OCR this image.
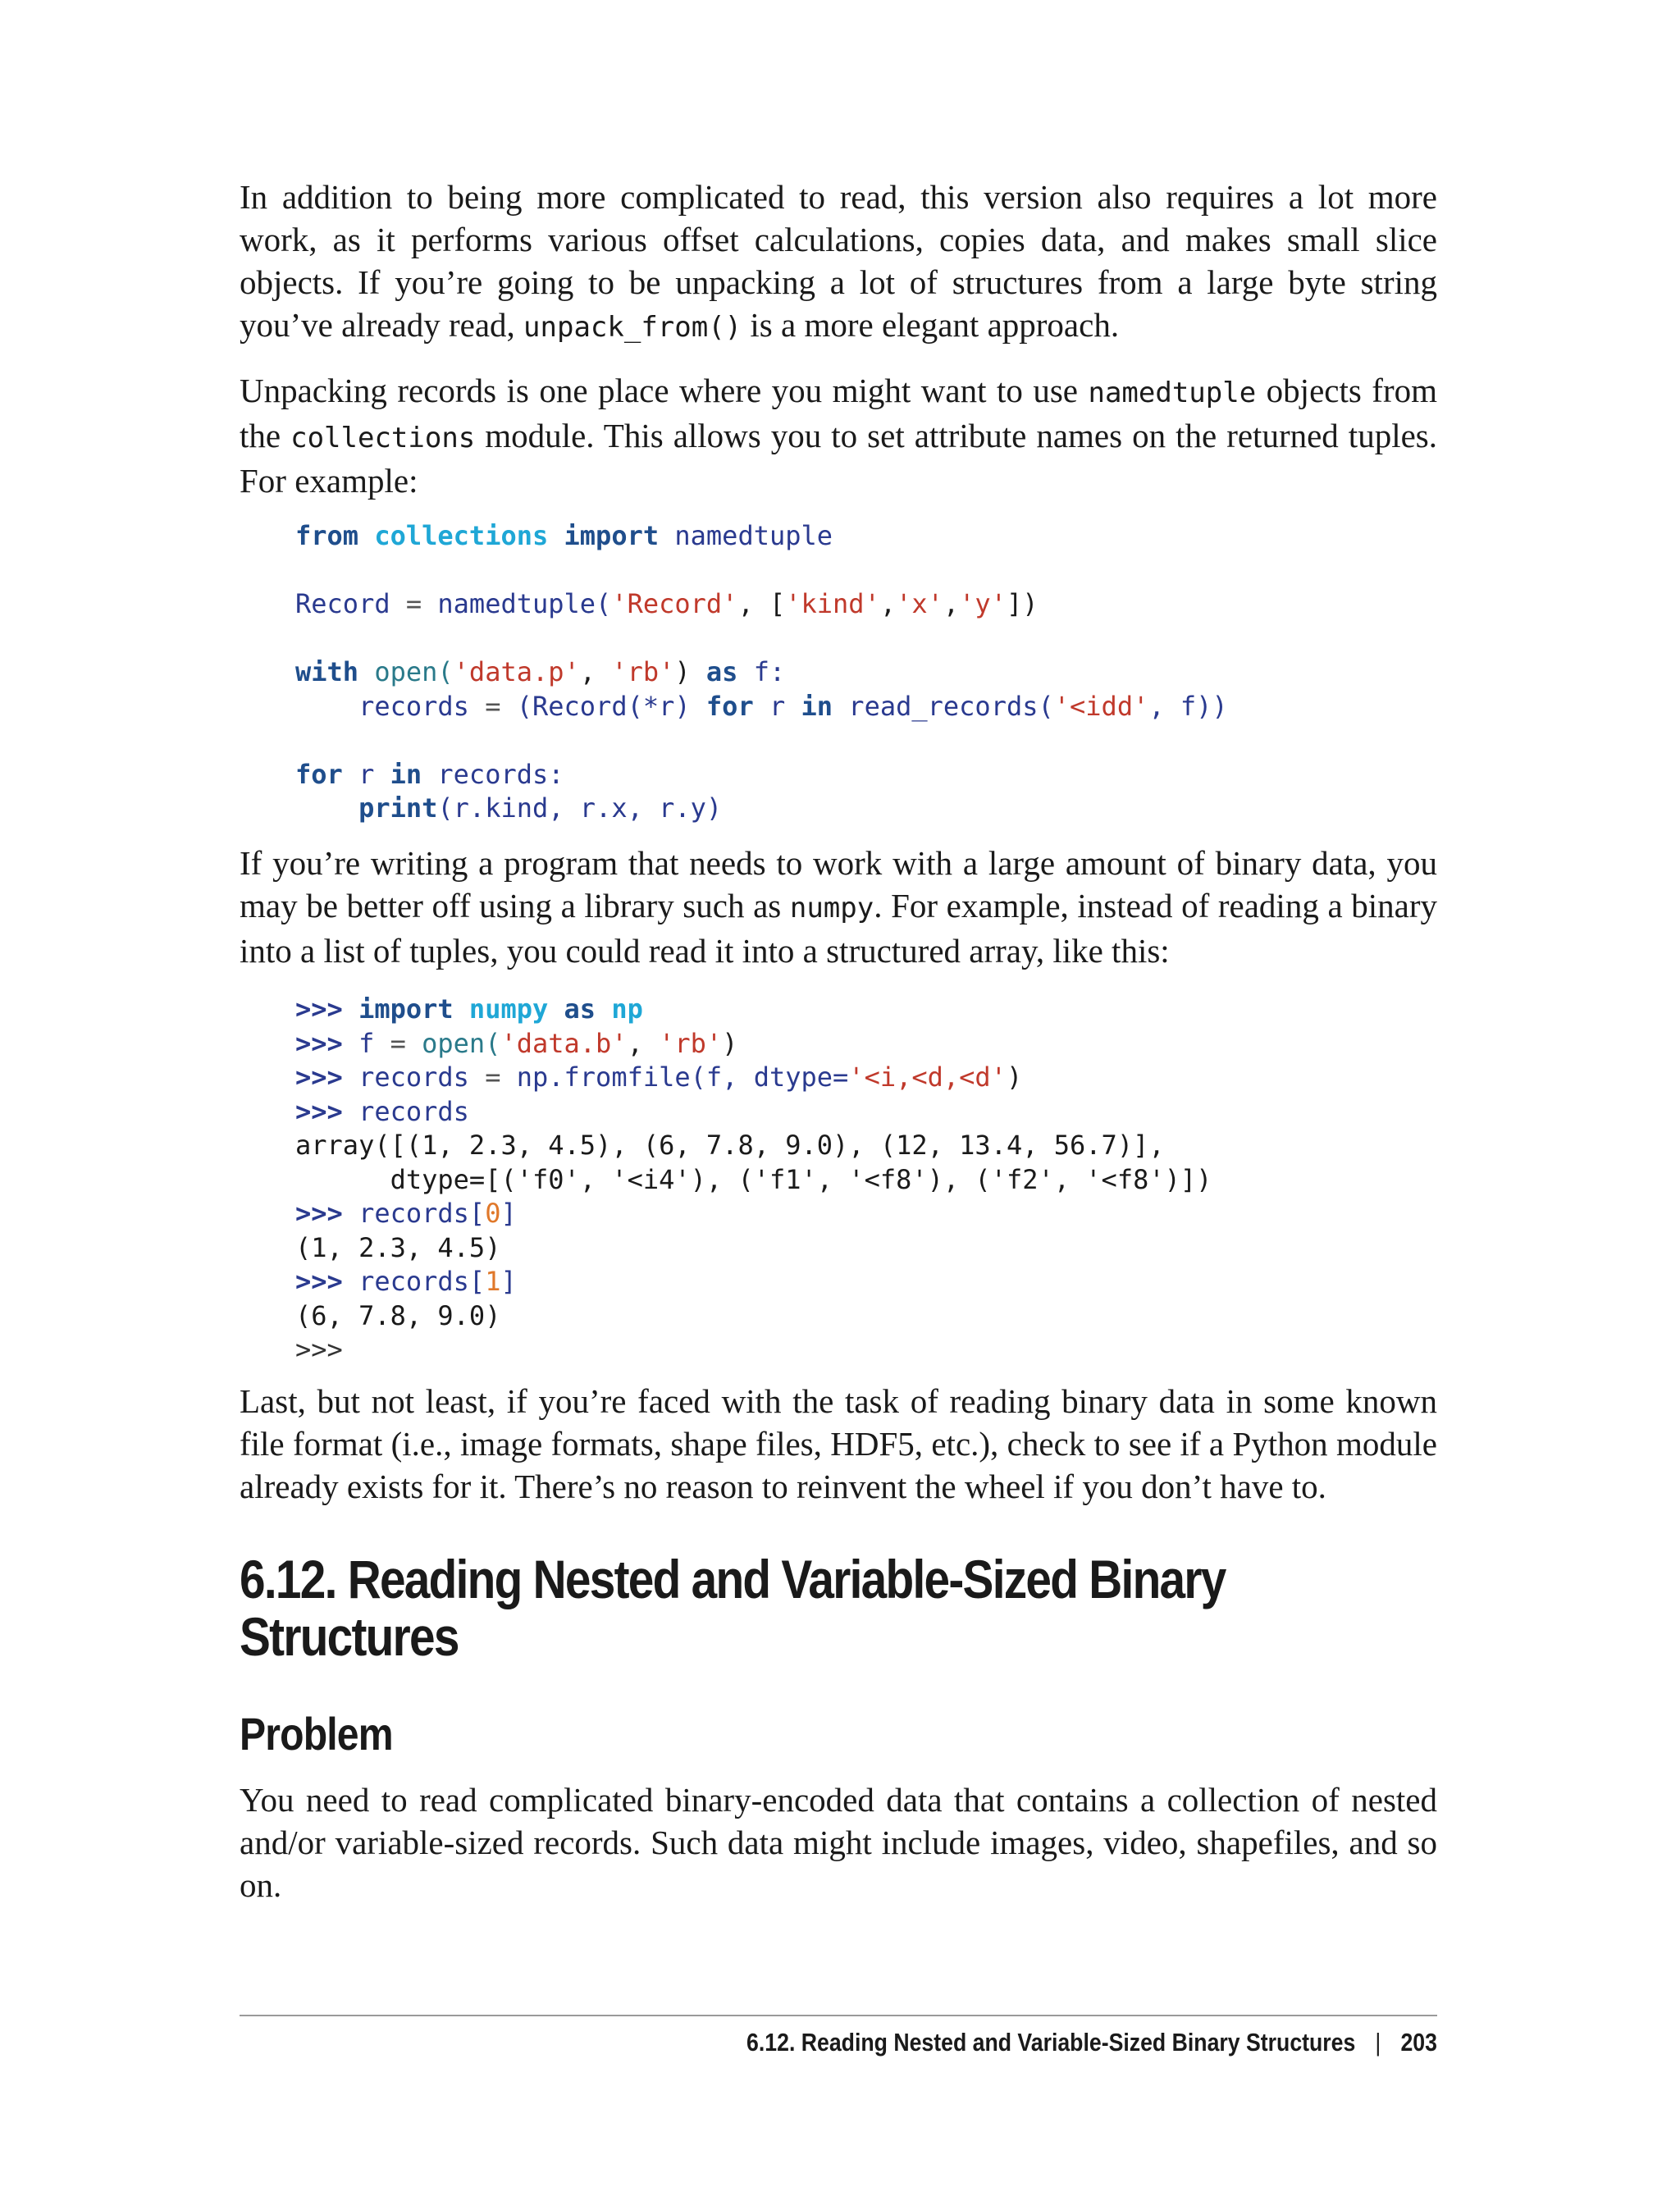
In addition to being more complicated to read, this version also requires a lot more work, as it performs various offset calculations, copies data, and makes small slice objects. If you’re going to be unpacking a lot of structures from a large byte string you’ve already read, unpack_from() is a more elegant approach.

Unpacking records is one place where you might want to use namedtuple objects from the collections module. This allows you to set attribute names on the returned tuples. For example:

from collections import namedtuple

Record = namedtuple('Record', ['kind','x','y'])

with open('data.p', 'rb') as f:
records = (Record(*r) for r in read_records('<idd', f))

for r in records:
print(r.kind, r.x, r.y)

If you’re writing a program that needs to work with a large amount of binary data, you may be better off using a library such as numpy. For example, instead of reading a binary into a list of tuples, you could read it into a structured array, like this:

>>> import numpy as np
>>> f = open('data.b', 'rb')
>>> records = np.fromfile(f, dtype='<i,<d,<d')
>>> records
array([(1, 2.3, 4.5), (6, 7.8, 9.0), (12, 13.4, 56.7)],
dtype=[('f0', '<i4'), ('f1', '<f8'), ('f2', '<f8')])
>>> records[0]
(1, 2.3, 4.5)
>>> records[1]
(6, 7.8, 9.0)
>>>

Last, but not least, if you’re faced with the task of reading binary data in some known file format (i.e., image formats, shape files, HDF5, etc.), check to see if a Python module already exists for it. There’s no reason to reinvent the wheel if you don’t have to.

6.12. Reading Nested and Variable-Sized Binary
Structures
Problem

You need to read complicated binary-encoded data that contains a collection of nested and/or variable-sized records. Such data might include images, video, shapefiles, and so on.

6.12. Reading Nested and Variable-Sized Binary Structures | 203
